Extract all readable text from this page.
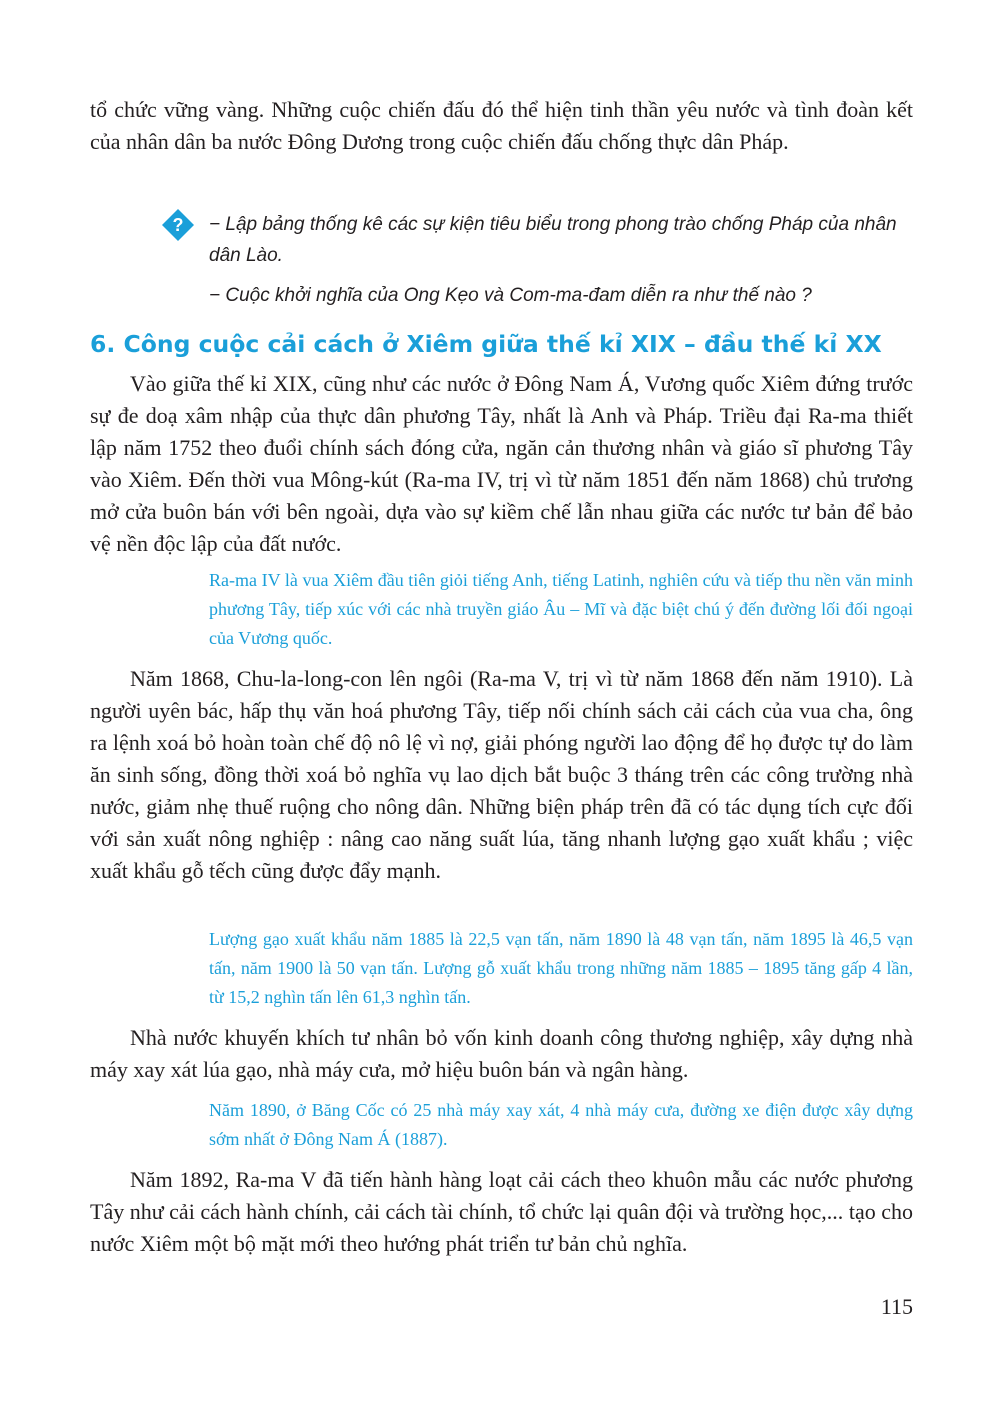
tổ chức vững vàng. Những cuộc chiến đấu đó thể hiện tinh thần yêu nước và tình đoàn kết của nhân dân ba nước Đông Dương trong cuộc chiến đấu chống thực dân Pháp.

? − Lập bảng thống kê các sự kiện tiêu biểu trong phong trào chống Pháp của nhân dân Lào.

− Cuộc khởi nghĩa của Ong Kẹo và Com-ma-đam diễn ra như thế nào ?

6. Công cuộc cải cách ở Xiêm giữa thế kỉ XIX – đầu thế kỉ XX

Vào giữa thế kỉ XIX, cũng như các nước ở Đông Nam Á, Vương quốc Xiêm đứng trước sự đe doạ xâm nhập của thực dân phương Tây, nhất là Anh và Pháp. Triều đại Ra-ma thiết lập năm 1752 theo đuổi chính sách đóng cửa, ngăn cản thương nhân và giáo sĩ phương Tây vào Xiêm. Đến thời vua Mông-kút (Ra-ma IV, trị vì từ năm 1851 đến năm 1868) chủ trương mở cửa buôn bán với bên ngoài, dựa vào sự kiềm chế lẫn nhau giữa các nước tư bản để bảo vệ nền độc lập của đất nước.

Ra-ma IV là vua Xiêm đầu tiên giỏi tiếng Anh, tiếng Latinh, nghiên cứu và tiếp thu nền văn minh phương Tây, tiếp xúc với các nhà truyền giáo Âu – Mĩ và đặc biệt chú ý đến đường lối đối ngoại của Vương quốc.

Năm 1868, Chu-la-long-con lên ngôi (Ra-ma V, trị vì từ năm 1868 đến năm 1910). Là người uyên bác, hấp thụ văn hoá phương Tây, tiếp nối chính sách cải cách của vua cha, ông ra lệnh xoá bỏ hoàn toàn chế độ nô lệ vì nợ, giải phóng người lao động để họ được tự do làm ăn sinh sống, đồng thời xoá bỏ nghĩa vụ lao dịch bắt buộc 3 tháng trên các công trường nhà nước, giảm nhẹ thuế ruộng cho nông dân. Những biện pháp trên đã có tác dụng tích cực đối với sản xuất nông nghiệp : nâng cao năng suất lúa, tăng nhanh lượng gạo xuất khẩu ; việc xuất khẩu gỗ tếch cũng được đẩy mạnh.

Lượng gạo xuất khẩu năm 1885 là 22,5 vạn tấn, năm 1890 là 48 vạn tấn, năm 1895 là 46,5 vạn tấn, năm 1900 là 50 vạn tấn. Lượng gỗ xuất khẩu trong những năm 1885 – 1895 tăng gấp 4 lần, từ 15,2 nghìn tấn lên 61,3 nghìn tấn.

Nhà nước khuyến khích tư nhân bỏ vốn kinh doanh công thương nghiệp, xây dựng nhà máy xay xát lúa gạo, nhà máy cưa, mở hiệu buôn bán và ngân hàng.

Năm 1890, ở Băng Cốc có 25 nhà máy xay xát, 4 nhà máy cưa, đường xe điện được xây dựng sớm nhất ở Đông Nam Á (1887).

Năm 1892, Ra-ma V đã tiến hành hàng loạt cải cách theo khuôn mẫu các nước phương Tây như cải cách hành chính, cải cách tài chính, tổ chức lại quân đội và trường học,... tạo cho nước Xiêm một bộ mặt mới theo hướng phát triển tư bản chủ nghĩa.

115
